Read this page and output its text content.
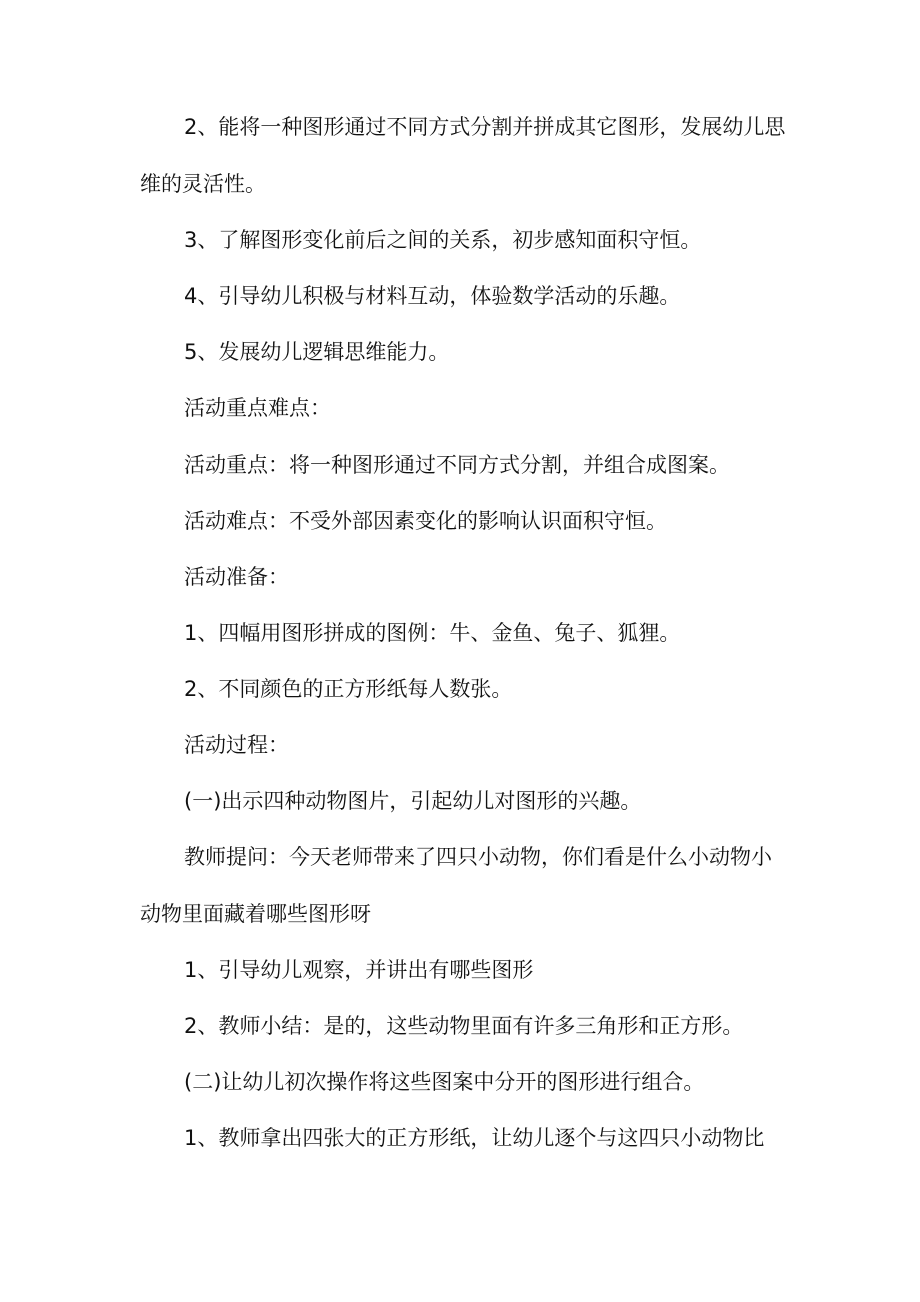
2、能将一种图形通过不同方式分割并拼成其它图形，发展幼儿思维的灵活性。

3、了解图形变化前后之间的关系，初步感知面积守恒。

4、引导幼儿积极与材料互动，体验数学活动的乐趣。

5、发展幼儿逻辑思维能力。

活动重点难点：

活动重点：将一种图形通过不同方式分割，并组合成图案。

活动难点：不受外部因素变化的影响认识面积守恒。

活动准备：

1、四幅用图形拼成的图例：牛、金鱼、兔子、狐狸。

2、不同颜色的正方形纸每人数张。

活动过程：

(一)出示四种动物图片，引起幼儿对图形的兴趣。

教师提问：今天老师带来了四只小动物，你们看是什么小动物小动物里面藏着哪些图形呀

1、引导幼儿观察，并讲出有哪些图形

2、教师小结：是的，这些动物里面有许多三角形和正方形。

(二)让幼儿初次操作将这些图案中分开的图形进行组合。

1、教师拿出四张大的正方形纸，让幼儿逐个与这四只小动物比
